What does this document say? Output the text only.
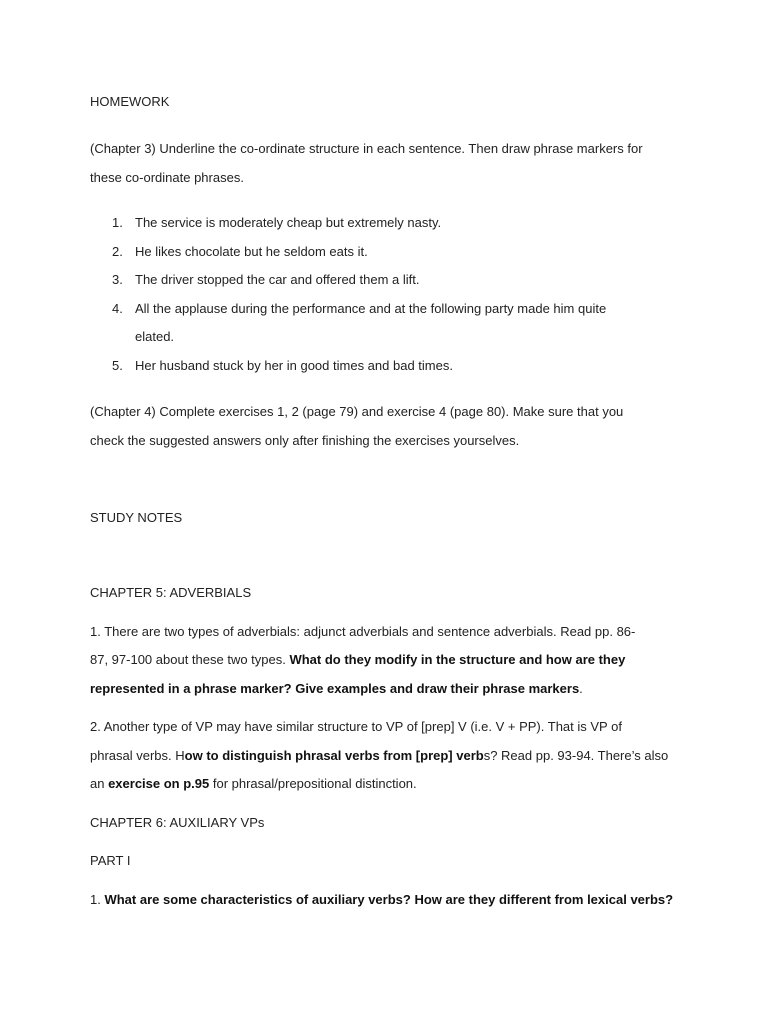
HOMEWORK

(Chapter 3) Underline the co-ordinate structure in each sentence. Then draw phrase markers for

these co-ordinate phrases.

1. The service is moderately cheap but extremely nasty.
2. He likes chocolate but he seldom eats it.
3. The driver stopped the car and offered them a lift.
4. All the applause during the performance and at the following party made him quite
elated.
5. Her husband stuck by her in good times and bad times.

(Chapter 4) Complete exercises 1, 2 (page 79) and exercise 4 (page 80). Make sure that you

check the suggested answers only after finishing the exercises yourselves.

STUDY NOTES

CHAPTER 5: ADVERBIALS

1. There are two types of adverbials: adjunct adverbials and sentence adverbials. Read pp. 86-

87, 97-100 about these two types. What do they modify in the structure and how are they

represented in a phrase marker? Give examples and draw their phrase markers.

2. Another type of VP may have similar structure to VP of [prep] V (i.e. V + PP). That is VP of

phrasal verbs. How to distinguish phrasal verbs from [prep] verbs? Read pp. 93-94. There’s also

an exercise on p.95 for phrasal/prepositional distinction.

CHAPTER 6: AUXILIARY VPs

PART I

1. What are some characteristics of auxiliary verbs? How are they different from lexical verbs?
